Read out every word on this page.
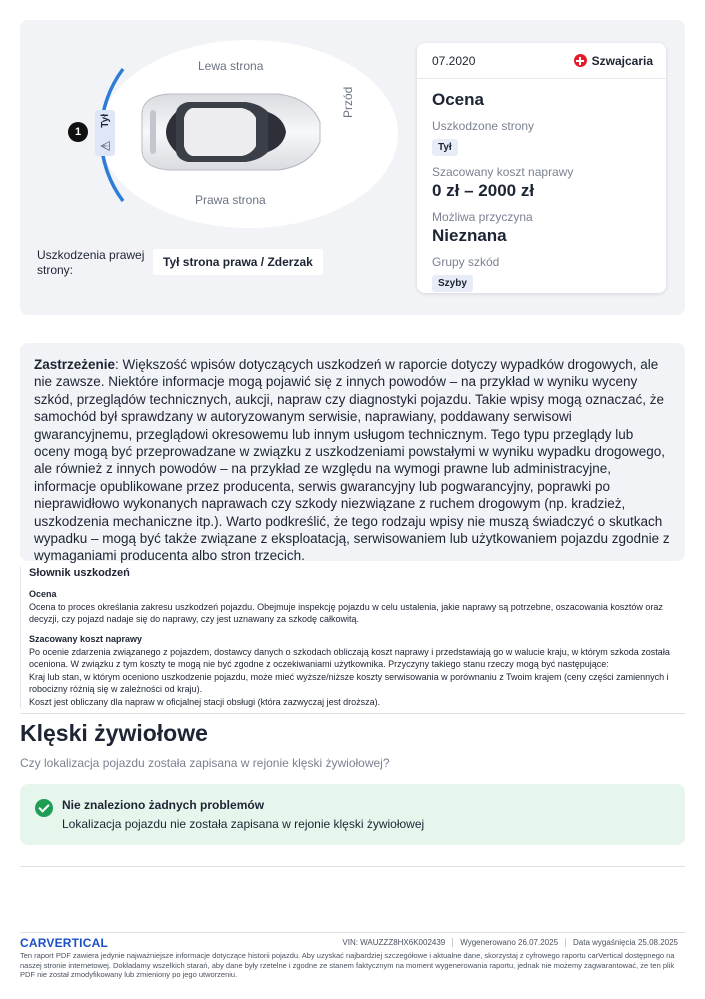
Lewa strona
Prawa strona
Przód
Tył
⚠
1
Uszkodzenia prawej strony:
Tył strona prawa / Zderzak
07.2020	Szwajcaria
Ocena
Uszkodzone strony
Tył
Szacowany koszt naprawy
0 zł – 2000 zł
Możliwa przyczyna
Nieznana
Grupy szkód
Szyby
Zastrzeżenie: Większość wpisów dotyczących uszkodzeń w raporcie dotyczy wypadków drogowych, ale nie zawsze. Niektóre informacje mogą pojawić się z innych powodów – na przykład w wyniku wyceny szkód, przeglądów technicznych, aukcji, napraw czy diagnostyki pojazdu. Takie wpisy mogą oznaczać, że samochód był sprawdzany w autoryzowanym serwisie, naprawiany, poddawany serwisowi gwarancyjnemu, przeglądowi okresowemu lub innym usługom technicznym. Tego typu przeglądy lub oceny mogą być przeprowadzane w związku z uszkodzeniami powstałymi w wyniku wypadku drogowego, ale również z innych powodów – na przykład ze względu na wymogi prawne lub administracyjne, informacje opublikowane przez producenta, serwis gwarancyjny lub pogwarancyjny, poprawki po nieprawidłowo wykonanych naprawach czy szkody niezwiązane z ruchem drogowym (np. kradzież, uszkodzenia mechaniczne itp.). Warto podkreślić, że tego rodzaju wpisy nie muszą świadczyć o skutkach wypadku – mogą być także związane z eksploatacją, serwisowaniem lub użytkowaniem pojazdu zgodnie z wymaganiami producenta albo stron trzecich.
Słownik uszkodzeń
Ocena
Ocena to proces określania zakresu uszkodzeń pojazdu. Obejmuje inspekcję pojazdu w celu ustalenia, jakie naprawy są potrzebne, oszacowania kosztów oraz decyzji, czy pojazd nadaje się do naprawy, czy jest uznawany za szkodę całkowitą.
Szacowany koszt naprawy
Po ocenie zdarzenia związanego z pojazdem, dostawcy danych o szkodach obliczają koszt naprawy i przedstawiają go w walucie kraju, w którym szkoda została oceniona. W związku z tym koszty te mogą nie być zgodne z oczekiwaniami użytkownika. Przyczyny takiego stanu rzeczy mogą być następujące:
Kraj lub stan, w którym oceniono uszkodzenie pojazdu, może mieć wyższe/niższe koszty serwisowania w porównaniu z Twoim krajem (ceny części zamiennych i robocizny różnią się w zależności od kraju).
Koszt jest obliczany dla napraw w oficjalnej stacji obsługi (która zazwyczaj jest droższa).
Klęski żywiołowe
Czy lokalizacja pojazdu została zapisana w rejonie klęski żywiołowej?
Nie znaleziono żadnych problemów
Lokalizacja pojazdu nie została zapisana w rejonie klęski żywiołowej
CARVERTICAL	VIN: WAUZZZ8HX6K002439	Wygenerowano 26.07.2025	Data wygaśnięcia 25.08.2025
Ten raport PDF zawiera jedynie najważniejsze informacje dotyczące historii pojazdu. Aby uzyskać najbardziej szczegółowe i aktualne dane, skorzystaj z cyfrowego raportu carVertical dostępnego na naszej stronie internetowej. Dokładamy wszelkich starań, aby dane były rzetelne i zgodne ze stanem faktycznym na moment wygenerowania raportu, jednak nie możemy zagwarantować, że ten plik PDF nie został zmodyfikowany lub zmieniony po jego utworzeniu.
